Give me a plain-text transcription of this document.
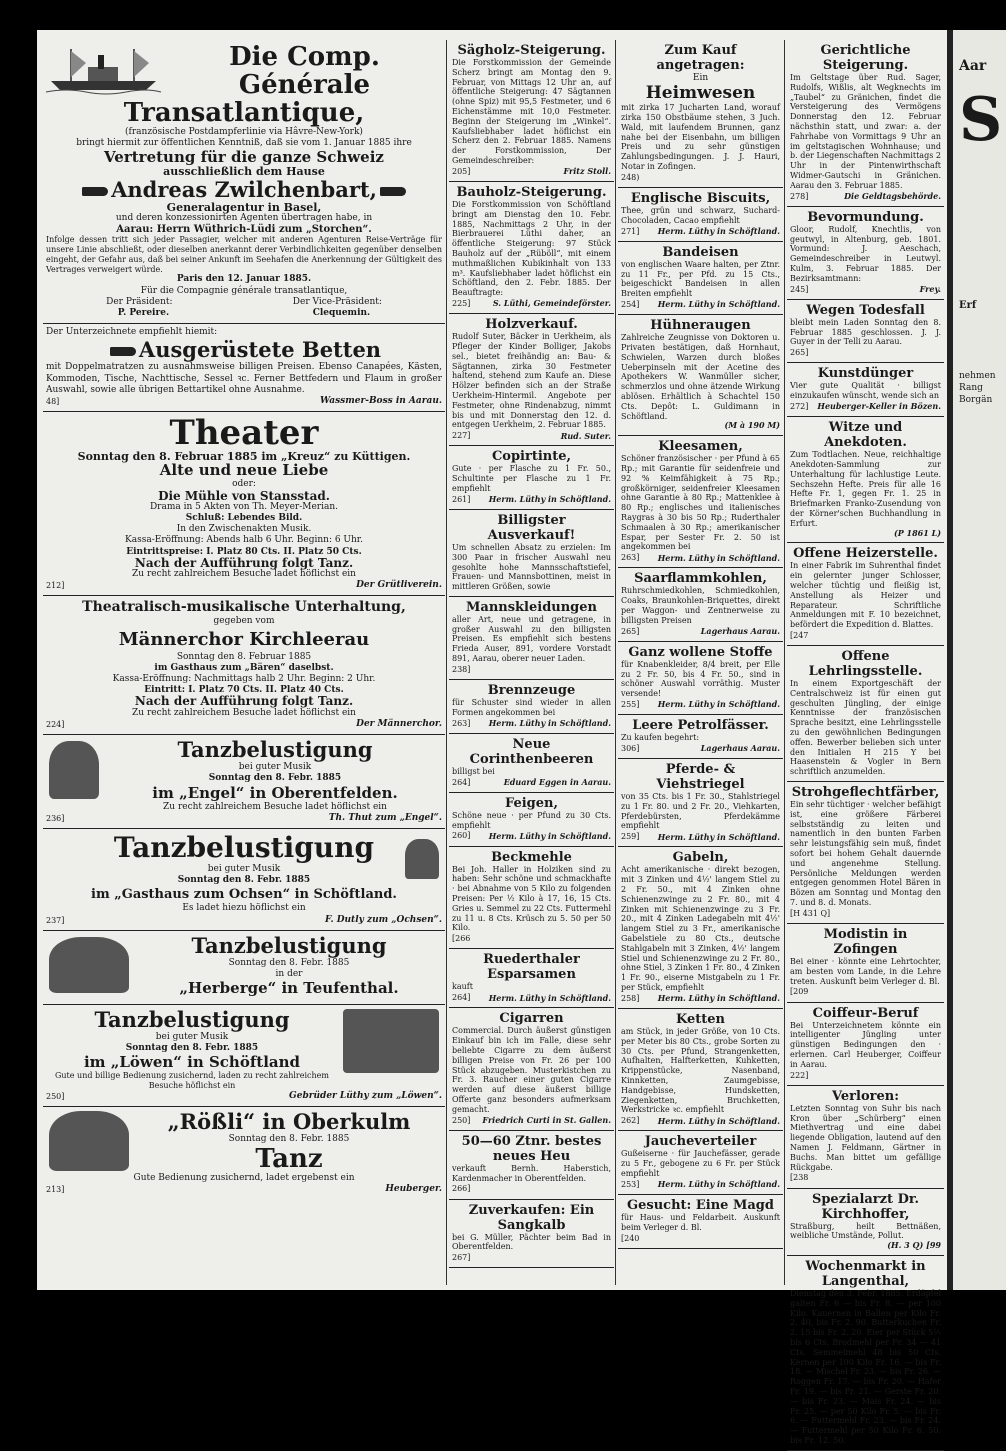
Die Comp. Générale

Transatlantique,

(französische Postdampferlinie via Hâvre-New-York)

bringt hiermit zur öffentlichen Kenntniß, daß sie vom 1. Januar 1885 ihre

Vertretung für die ganze Schweiz

ausschließlich dem Hause

Andreas Zwilchenbart,

Generalagentur in Basel,

und deren konzessionirten Agenten übertragen habe, in

Aarau: Herrn Wüthrich-Lüdi zum „Storchen“.

Infolge dessen tritt sich jeder Passagier, welcher mit anderen Agenturen Reise-Verträge für unsere Linie abschließt, oder dieselben anerkannt derer Verbindlichkeiten gegenüber denselben eingeht, der Gefahr aus, daß bei seiner Ankunft im Seehafen die Anerkennung der Gültigkeit des Vertrages verweigert würde.

Paris den 12. Januar 1885.

Für die Compagnie générale transatlantique,

Der Präsident:	Der Vice-Präsident:
P. Pereire.	Clequemin.

Der Unterzeichnete empfiehlt hiemit:

Ausgerüstete Betten

mit Doppelmatratzen zu ausnahmsweise billigen Preisen. Ebenso Canapées, Kästen, Kommoden, Tische, Nachttische, Sessel ꝛc. Ferner Bettfedern und Flaum in großer Auswahl, sowie alle übrigen Bettartikel ohne Ausnahme.

48]	Wassmer-Boss in Aarau.

Theater

Sonntag den 8. Februar 1885 im „Kreuz“ zu Küttigen.

Alte und neue Liebe

oder:

Die Mühle von Stansstad.

Drama in 5 Akten von Th. Meyer-Merian.

Schluß: Lebendes Bild.

In den Zwischenakten Musik.

Kassa-Eröffnung: Abends halb 6 Uhr. Beginn: 6 Uhr.

Eintrittspreise: I. Platz 80 Cts. II. Platz 50 Cts.

Nach der Aufführung folgt Tanz.

Zu recht zahlreichem Besuche ladet höflichst ein

212]	Der Grütliverein.

Theatralisch-musikalische Unterhaltung,

gegeben vom

Männerchor Kirchleerau

Sonntag den 8. Februar 1885

im Gasthaus zum „Bären“ daselbst.

Kassa-Eröffnung: Nachmittags halb 2 Uhr. Beginn: 2 Uhr.

Eintritt: I. Platz 70 Cts. II. Platz 40 Cts.

Nach der Aufführung folgt Tanz.

Zu recht zahlreichem Besuche ladet höflichst ein

224]	Der Männerchor.

Tanzbelustigung

bei guter Musik

Sonntag den 8. Febr. 1885

im „Engel“ in Oberentfelden.

Zu recht zahlreichem Besuche ladet höflichst ein

236]	Th. Thut zum „Engel“.

Tanzbelustigung

bei guter Musik

Sonntag den 8. Febr. 1885

im „Gasthaus zum Ochsen“ in Schöftland.

Es ladet hiezu höflichst ein

237]	F. Dutly zum „Ochsen“.

Tanzbelustigung

Sonntag den 8. Febr. 1885

in der

„Herberge“ in Teufenthal.

Tanzbelustigung

bei guter Musik

Sonntag den 8. Febr. 1885

im „Löwen“ in Schöftland

Gute und billige Bedienung zusichernd, laden zu recht zahlreichem Besuche höflichst ein

250]	Gebrüder Lüthy zum „Löwen“.

„Rößli“ in Oberkulm

Sonntag den 8. Febr. 1885

Tanz

Gute Bedienung zusichernd, ladet ergebenst ein

213]	Heuberger.

Sägholz-Steigerung.

Die Forstkommission der Gemeinde Scherz bringt am Montag den 9. Februar, von Mittags 12 Uhr an, auf öffentliche Steigerung: 47 Sägtannen (ohne Spiz) mit 95,5 Festmeter, und 6 Eichenstämme mit 10,0 Festmeter. Beginn der Steigerung im „Winkel“. Kaufsliebhaber ladet höflichst ein Scherz den 2. Februar 1885. Namens der Forstkommission, Der Gemeindeschreiber:

205]	Fritz Stoll.

Bauholz-Steigerung.

Die Forstkommission von Schöftland bringt am Dienstag den 10. Febr. 1885, Nachmittags 2 Uhr, in der Bierbrauerei Lüthi daher, an öffentliche Steigerung: 97 Stück Bauholz auf der „Rüböll“, mit einem muthmaßlichen Kubikinhalt von 133 m³. Kaufsliebhaber ladet höflichst ein Schöftland, den 2. Febr. 1885. Der Beauftragte:

225]	S. Lüthi, Gemeindeförster.

Holzverkauf.

Rudolf Suter, Bäcker in Uerkheim, als Pfleger der Kinder Bolliger, Jakobs sel., bietet freihändig an: Bau- & Sägtannen, zirka 30 Festmeter haltend, stehend zum Kaufe an. Diese Hölzer befinden sich an der Straße Uerkheim-Hintermil. Angebote per Festmeter, ohne Rindenabzug, nimmt bis und mit Donnerstag den 12. d. entgegen Uerkheim, 2. Februar 1885.

227]	Rud. Suter.

Copirtinte,

Gute · per Flasche zu 1 Fr. 50., Schultinte per Flasche zu 1 Fr. empfiehlt

261] Herm. Lüthy in Schöftland.

Billigster Ausverkauf!

Um schnellen Absatz zu erzielen: Im 300 Paar in frischer Auswahl neu gesohlte hohe Mannsschaftstiefel, Frauen- und Mannsbottinen, meist in mittleren Größen, sowie

Mannskleidungen

aller Art, neue und getragene, in großer Auswahl zu den billigsten Preisen. Es empfiehlt sich bestens Frieda Auser, 891, vordere Vorstadt 891, Aarau, oberer neuer Laden.

238]

Brennzeuge

für Schuster sind wieder in allen Formen angekommen bei

263] Herm. Lüthy in Schöftland.

Neue Corinthenbeeren

billigst bei

264]	Eduard Eggen in Aarau.

Feigen,

Schöne neue · per Pfund zu 30 Cts. empfiehlt

260] Herm. Lüthy in Schöftland.

Beckmehle

Bei Joh. Haller in Holziken sind zu haben: Sehr schöne und schmackhafte · bei Abnahme von 5 Kilo zu folgenden Preisen: Per ½ Kilo à 17, 16, 15 Cts. Gries u. Semmel zu 22 Cts. Futtermehl zu 11 u. 8 Cts. Krüsch zu 5. 50 per 50 Kilo.

[266

Ruederthaler Esparsamen

kauft

264] Herm. Lüthy in Schöftland.

Cigarren

Commercial. Durch äußerst günstigen Einkauf bin ich im Falle, diese sehr beliebte Cigarre zu dem äußerst billigen Preise von Fr. 26 per 100 Stück abzugeben. Musterkistchen zu Fr. 3. Raucher einer guten Cigarre werden auf diese äußerst billige Offerte ganz besonders aufmerksam gemacht.

250] Friedrich Curti in St. Gallen.

50—60 Ztnr. bestes neues Heu

verkauft Bernh. Haberstich, Kardenmacher in Oberentfelden.

266]

Zuverkaufen: Ein Sangkalb

bei G. Müller, Pächter beim Bad in Oberentfelden.

267]

Zum Kauf angetragen:

Ein

Heimwesen

mit zirka 17 Jucharten Land, worauf zirka 150 Obstbäume stehen, 3 Juch. Wald, mit laufendem Brunnen, ganz nahe bei der Eisenbahn, um billigen Preis und zu sehr günstigen Zahlungsbedingungen. J. J. Hauri, Notar in Zofingen.

248)

Englische Biscuits,

Thee, grün und schwarz, Suchard-Chocoladen, Cacao empfiehlt

271] Herm. Lüthy in Schöftland.

Bandeisen

von englischen Waare halten, per Ztnr. zu 11 Fr., per Pfd. zu 15 Cts., beigeschickt Bandeisen in allen Breiten empfiehlt

254] Herm. Lüthy in Schöftland.

Hühneraugen

Zahlreiche Zeugnisse von Doktoren u. Privaten bestätigen, daß Hornhaut, Schwielen, Warzen durch bloßes Ueberpinseln mit der Acetine des Apothekers W. Wanmüller sicher, schmerzlos und ohne ätzende Wirkung ablösen. Erhältlich à Schachtel 150 Cts. Depôt: L. Guldimann in Schöftland.

(M à 190 M)

Kleesamen,

Schöner französischer · per Pfund à 65 Rp.; mit Garantie für seidenfreie und 92 % Keimfähigkeit à 75 Rp.; großkörniger, seidenfreier Kleesamen ohne Garantie à 80 Rp.; Mattenklee à 80 Rp.; englisches und italienisches Raygras à 30 bis 50 Rp.; Ruderthaler Schmaalen à 30 Rp.; amerikanischer Espar, per Sester Fr. 2. 50 ist angekommen bei

263] Herm. Lüthy in Schöftland.

Saarflammkohlen,

Ruhrschmiedkohlen, Schmiedkohlen, Coaks, Braunkohlen-Briquettes, direkt per Waggon- und Zentnerweise zu billigsten Preisen

265]	Lagerhaus Aarau.

Ganz wollene Stoffe

für Knabenkleider, 8/4 breit, per Elle zu 2 Fr. 50, bis 4 Fr. 50., sind in schöner Auswahl vorräthig. Muster versende!

255] Herm. Lüthy in Schöftland.

Leere Petrolfässer.

Zu kaufen begehrt:

306]	Lagerhaus Aarau.

Pferde- & Viehstriegel

von 35 Cts. bis 1 Fr. 30., Stahlstriegel zu 1 Fr. 80. und 2 Fr. 20., Viehkarten, Pferdebürsten, Pferdekämme empfiehlt

259] Herm. Lüthy in Schöftland.

Gabeln,

Acht amerikanische · direkt bezogen, mit 3 Zinken und 4½' langem Stiel zu 2 Fr. 50., mit 4 Zinken ohne Schienenzwinge zu 2 Fr. 80., mit 4 Zinken mit Schienenzwinge zu 3 Fr. 20., mit 4 Zinken Ladegabeln mit 4½' langem Stiel zu 3 Fr., amerikanische Gabelstiele zu 80 Cts., deutsche Stahlgabeln mit 3 Zinken, 4½' langem Stiel und Schienenzwinge zu 2 Fr. 80., ohne Stiel, 3 Zinken 1 Fr. 80., 4 Zinken 1 Fr. 90., eiserne Mistgabeln zu 1 Fr. per Stück, empfiehlt

258] Herm. Lüthy in Schöftland.

Ketten

am Stück, in jeder Größe, von 10 Cts. per Meter bis 80 Cts., grobe Sorten zu 30 Cts. per Pfund, Strangenketten, Aufhalten, Halfterketten, Kuhketten, Krippenstücke, Nasenband, Kinnketten, Zaumgebisse, Handgebisse, Hundsketten, Ziegenketten, Bruchketten, Werkstricke ꝛc. empfiehlt

262] Herm. Lüthy in Schöftland.

Jaucheverteiler

Gußeiserne · für Jauchefässer, gerade zu 5 Fr., gebogene zu 6 Fr. per Stück empfiehlt

253] Herm. Lüthy in Schöftland.

Gesucht: Eine Magd

für Haus- und Feldarbeit. Auskunft beim Verleger d. Bl.

[240

Gerichtliche Steigerung.

Im Geltstage über Rud. Sager, Rudolfs, Wißlis, alt Wegknechts im „Taubel“ zu Gränichen, findet die Versteigerung des Vermögens Donnerstag den 12. Februar nächsthin statt, und zwar: a. der Fahrhabe von Vormittags 9 Uhr an im geltstagischen Wohnhause; und b. der Liegenschaften Nachmittags 2 Uhr in der Pintenwirthschaft Widmer-Gautschi in Gränichen. Aarau den 3. Februar 1885.

278]	Die Geldtagsbehörde.

Bevormundung.

Gloor, Rudolf, Knechtlis, von geutwyl, in Altenburg, geb. 1801. Vormund: J. Aeschach, Gemeindeschreiber in Leutwyl. Kulm, 3. Februar 1885. Der Bezirksamtmann:

245]	Frey.

Wegen Todesfall

bleibt mein Laden Sonntag den 8. Februar 1885 geschlossen. J. J. Guyer in der Telli zu Aarau.

265]

Kunstdünger

Vier gute Qualität · billigst einzukaufen wünscht, wende sich an

272] Heuberger-Keller in Bözen.

Witze und Anekdoten.

Zum Todtlachen. Neue, reichhaltige Anekdoten-Sammlung zur Unterhaltung für lachlustige Leute. Sechszehn Hefte. Preis für alle 16 Hefte Fr. 1, gegen Fr. 1. 25 in Briefmarken Franko-Zusendung von der Körner'schen Buchhandlung in Erfurt.

(P 1861 L)

Offene Heizerstelle.

In einer Fabrik im Suhrenthal findet ein gelernter junger Schlosser, welcher tüchtig und fleißig ist, Anstellung als Heizer und Reparateur. Schriftliche Anmeldungen mit F. 10 bezeichnet, befördert die Expedition d. Blattes.

[247

Offene Lehrlingsstelle.

In einem Exportgeschäft der Centralschweiz ist für einen gut geschulten Jüngling, der einige Kenntnisse der französischen Sprache besitzt, eine Lehrlingsstelle zu den gewöhnlichen Bedingungen offen. Bewerber belieben sich unter den Initialen H 215 Y bei Haasenstein & Vogler in Bern schriftlich anzumelden.

Strohgeflechtfärber,

Ein sehr tüchtiger · welcher befähigt ist, eine größere Färberei selbstständig zu leiten und namentlich in den bunten Farben sehr leistungsfähig sein muß, findet sofort bei hohem Gehalt dauernde und angenehme Stellung. Persönliche Meldungen werden entgegen genommen Hotel Bären in Bözen am Sonntag und Montag den 7. und 8. d. Monats.

[H 431 Q]

Modistin in Zofingen

Bei einer · könnte eine Lehrtochter, am besten vom Lande, in die Lehre treten. Auskunft beim Verleger d. Bl.

[209

Coiffeur-Beruf

Bei Unterzeichnetem könnte ein intelligenter Jüngling unter günstigen Bedingungen den · erlernen. Carl Heuberger, Coiffeur in Aarau.

222]

Verloren:

Letzten Sonntag von Suhr bis nach Kron über „Schürberg“ einen Miethvertrag und eine dabei liegende Obligation, lautend auf den Namen J. Feldmann, Gärtner in Buchs. Man bittet um gefällige Rückgabe.

[238

Spezialarzt Dr. Kirchhoffer,

Straßburg, heilt Bettnäßen, weibliche Umstände, Pollut.

(H. 3 Q) [99

Wochenmarkt in Langenthal,

Dienstag den 3. Febr. 1885. Erdäpfel galten Fr. 6 — bis Fr. 8. — per 100 Kilo. Kauernen in Ballen per Kilo Fr. 2. 40, bis Fr. 2. 90. Butterkuchen Fr. 2. 15 bis Fr. 2. 20. Eier per Stück 5½ bis 6 Cts. Brodmehl per Fr. 34 — 41 Cts. Semmelmehl 48 bis 50 Cts. Kernen per 100 Kilo Fr. 16. — bis Fr. 18. — Mischel Fr. 23. — bis Fr. 26. — Roggen Fr. 17. — bis Fr. 20. — Hafer Fr. 19. — bis Fr. 21. — Gerste Fr. 20. — bis Fr. 23. — Mais Fr. 24. — bis Fr. 25. — per 50 Kilo Fr. 5. — bis Fr. 6. — Futtermehl Fr. 23. — bis Fr. 24. — Futtermehl per 50 Kilo Fr. 6. 50. bis Fr. 12. 50.

Aar
S
Erf
nehmen Rang Borgän
